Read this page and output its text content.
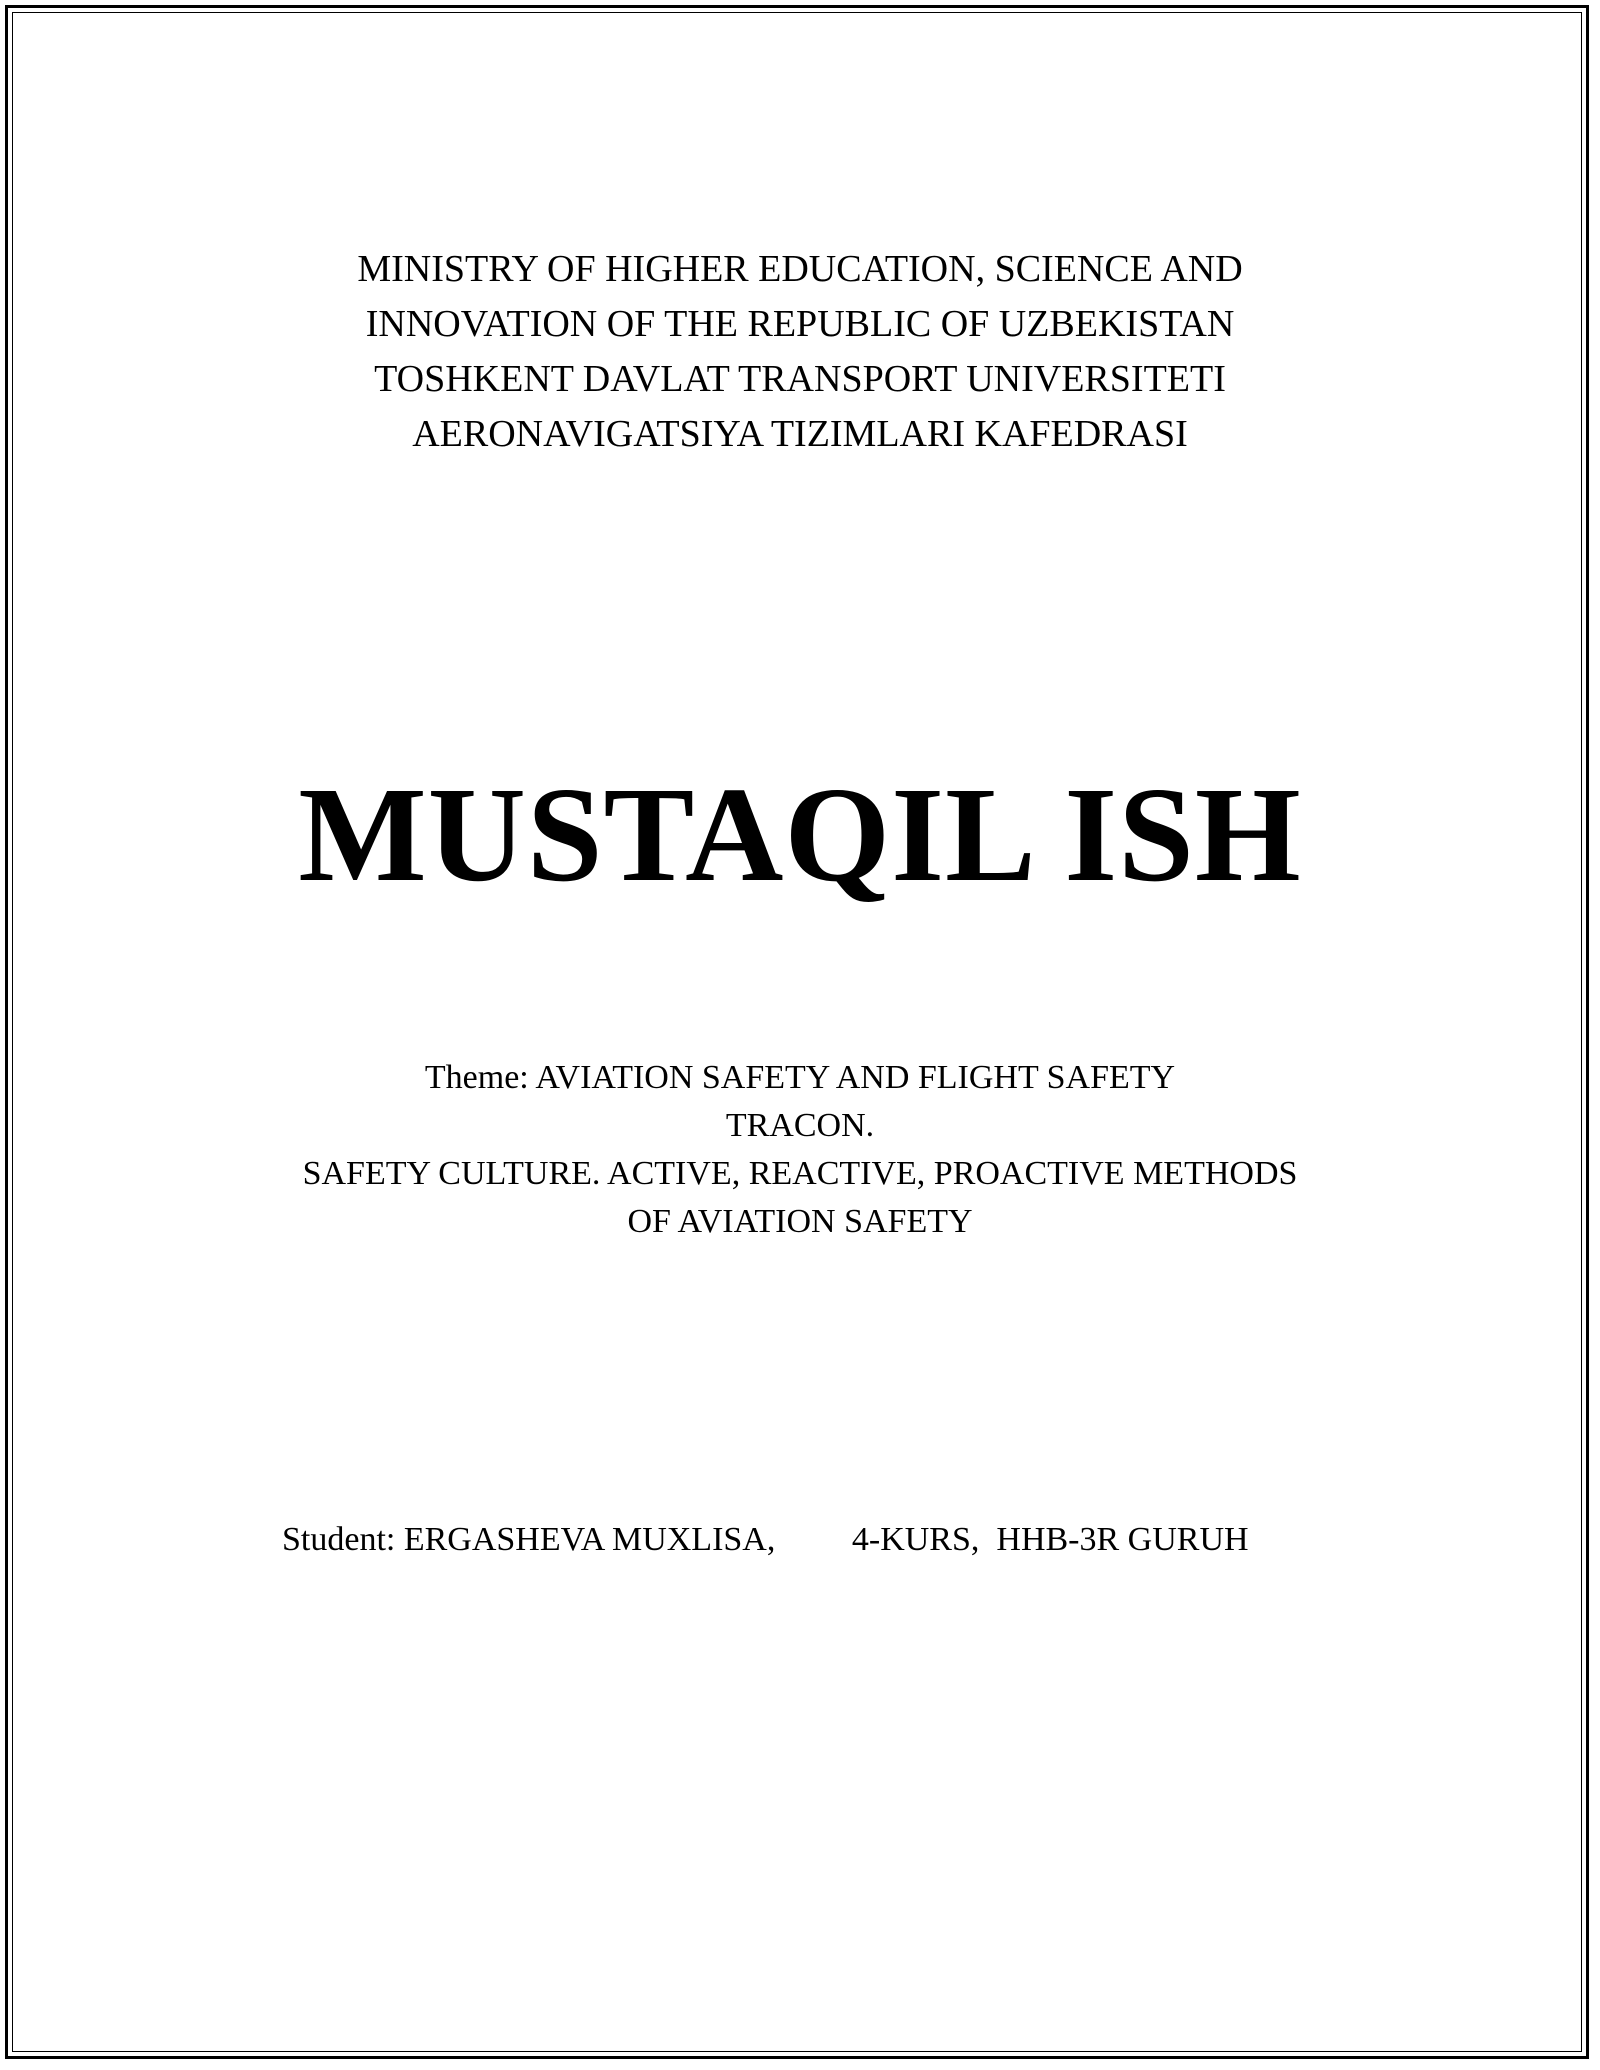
MINISTRY OF HIGHER EDUCATION, SCIENCE AND
INNOVATION OF THE REPUBLIC OF UZBEKISTAN
TOSHKENT DAVLAT TRANSPORT UNIVERSITETI
AERONAVIGATSIYA TIZIMLARI KAFEDRASI
MUSTAQIL ISH
Theme: AVIATION SAFETY AND FLIGHT SAFETY
TRACON.
SAFETY CULTURE. ACTIVE, REACTIVE, PROACTIVE METHODS
OF AVIATION SAFETY
Student: ERGASHEVA MUXLISA, 4-KURS,  HHB-3R GURUH
